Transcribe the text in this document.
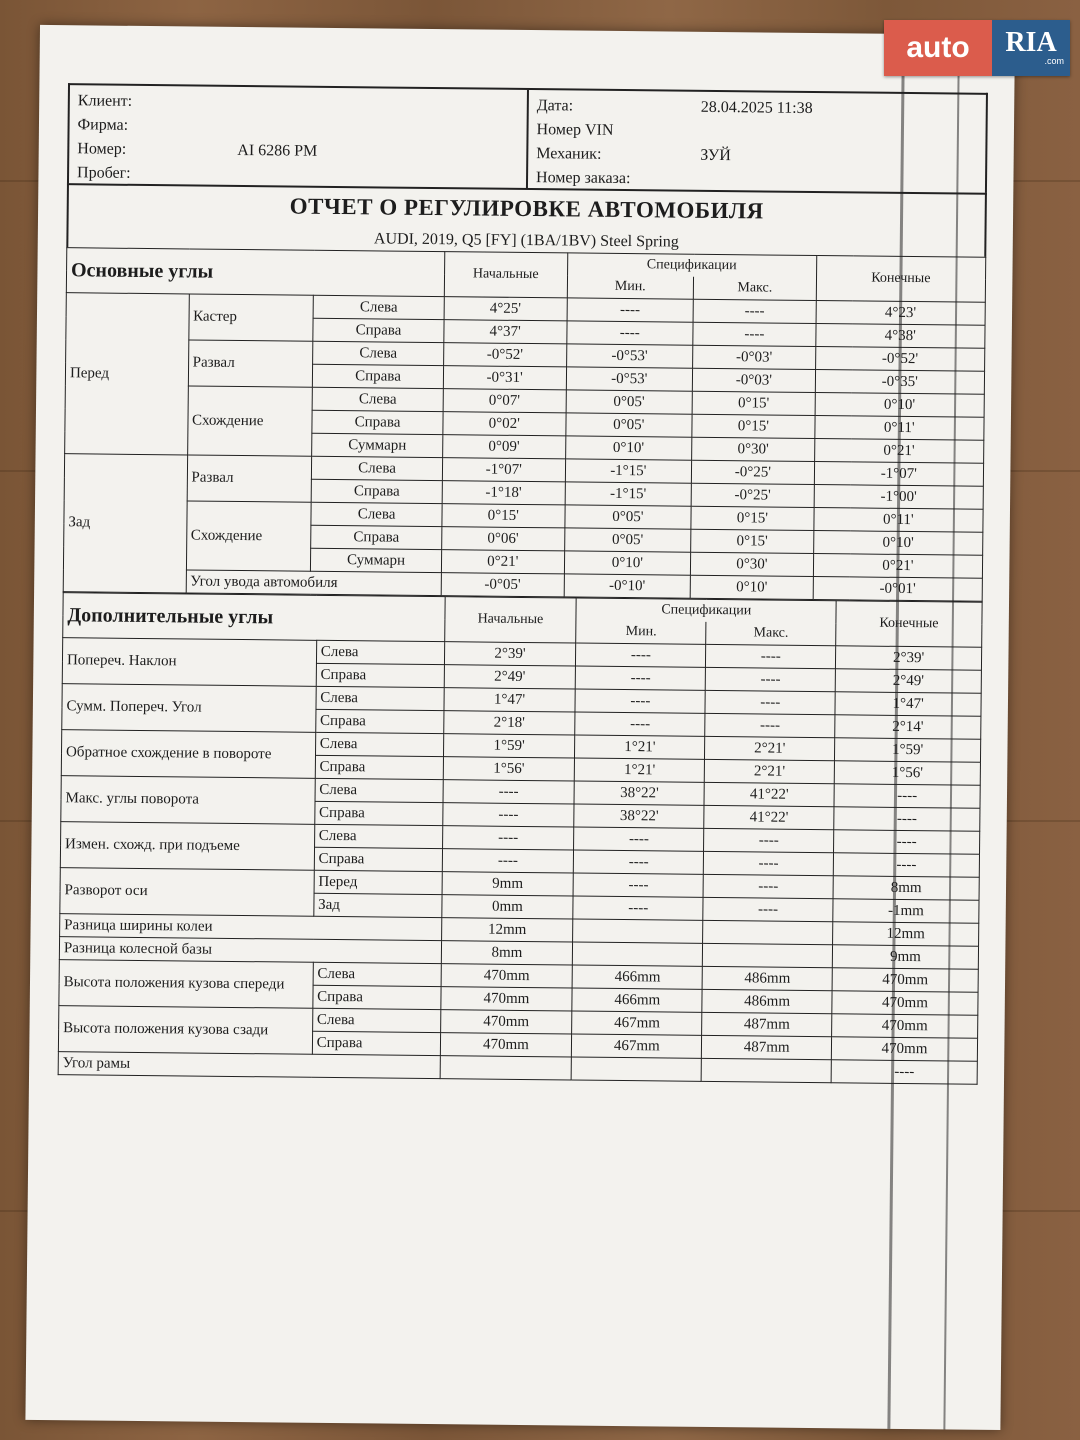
auto	RIA
.com
Клиент:
Фирма:
Номер:	AI 6286 PM
Пробег:
Дата:	28.04.2025 11:38
Номер VIN
Механик:	ЗУЙ
Номер заказа:
ОТЧЕТ О РЕГУЛИРОВКЕ АВТОМОБИЛЯ
AUDI, 2019, Q5 [FY] (1BA/1BV) Steel Spring
Основные углы			Начальные	Спецификации		Конечные
				Мин.	Макс.	
Перед	Кастер	Слева	4°25'	----	----	4°23'
		Справа	4°37'	----	----	4°38'
	Развал	Слева	-0°52'	-0°53'	-0°03'	-0°52'
		Справа	-0°31'	-0°53'	-0°03'	-0°35'
	Схождение	Слева	0°07'	0°05'	0°15'	0°10'
		Справа	0°02'	0°05'	0°15'	0°11'
		Суммарн	0°09'	0°10'	0°30'	0°21'
Зад	Развал	Слева	-1°07'	-1°15'	-0°25'	-1°07'
		Справа	-1°18'	-1°15'	-0°25'	-1°00'
	Схождение	Слева	0°15'	0°05'	0°15'	0°11'
		Справа	0°06'	0°05'	0°15'	0°10'
		Суммарн	0°21'	0°10'	0°30'	0°21'
	Угол увода автомобиля		-0°05'	-0°10'	0°10'	-0°01'
Дополнительные углы		Начальные	Спецификации		Конечные
			Мин.	Макс.	
Попереч. Наклон	Слева	2°39'	----	----	2°39'
	Справа	2°49'	----	----	2°49'
Сумм. Попереч. Угол	Слева	1°47'	----	----	1°47'
	Справа	2°18'	----	----	2°14'
Обратное схождение в повороте	Слева	1°59'	1°21'	2°21'	1°59'
	Справа	1°56'	1°21'	2°21'	1°56'
Макс. углы поворота	Слева	----	38°22'	41°22'	----
	Справа	----	38°22'	41°22'	----
Измен. схожд. при подъеме	Слева	----	----	----	----
	Справа	----	----	----	----
Разворот оси	Перед	9mm	----	----	8mm
	Зад	0mm	----	----	-1mm
Разница ширины колеи		12mm			12mm
Разница колесной базы		8mm			9mm
Высота положения кузова спереди	Слева	470mm	466mm	486mm	470mm
	Справа	470mm	466mm	486mm	470mm
Высота положения кузова сзади	Слева	470mm	467mm	487mm	470mm
	Справа	470mm	467mm	487mm	470mm
Угол рамы					----
